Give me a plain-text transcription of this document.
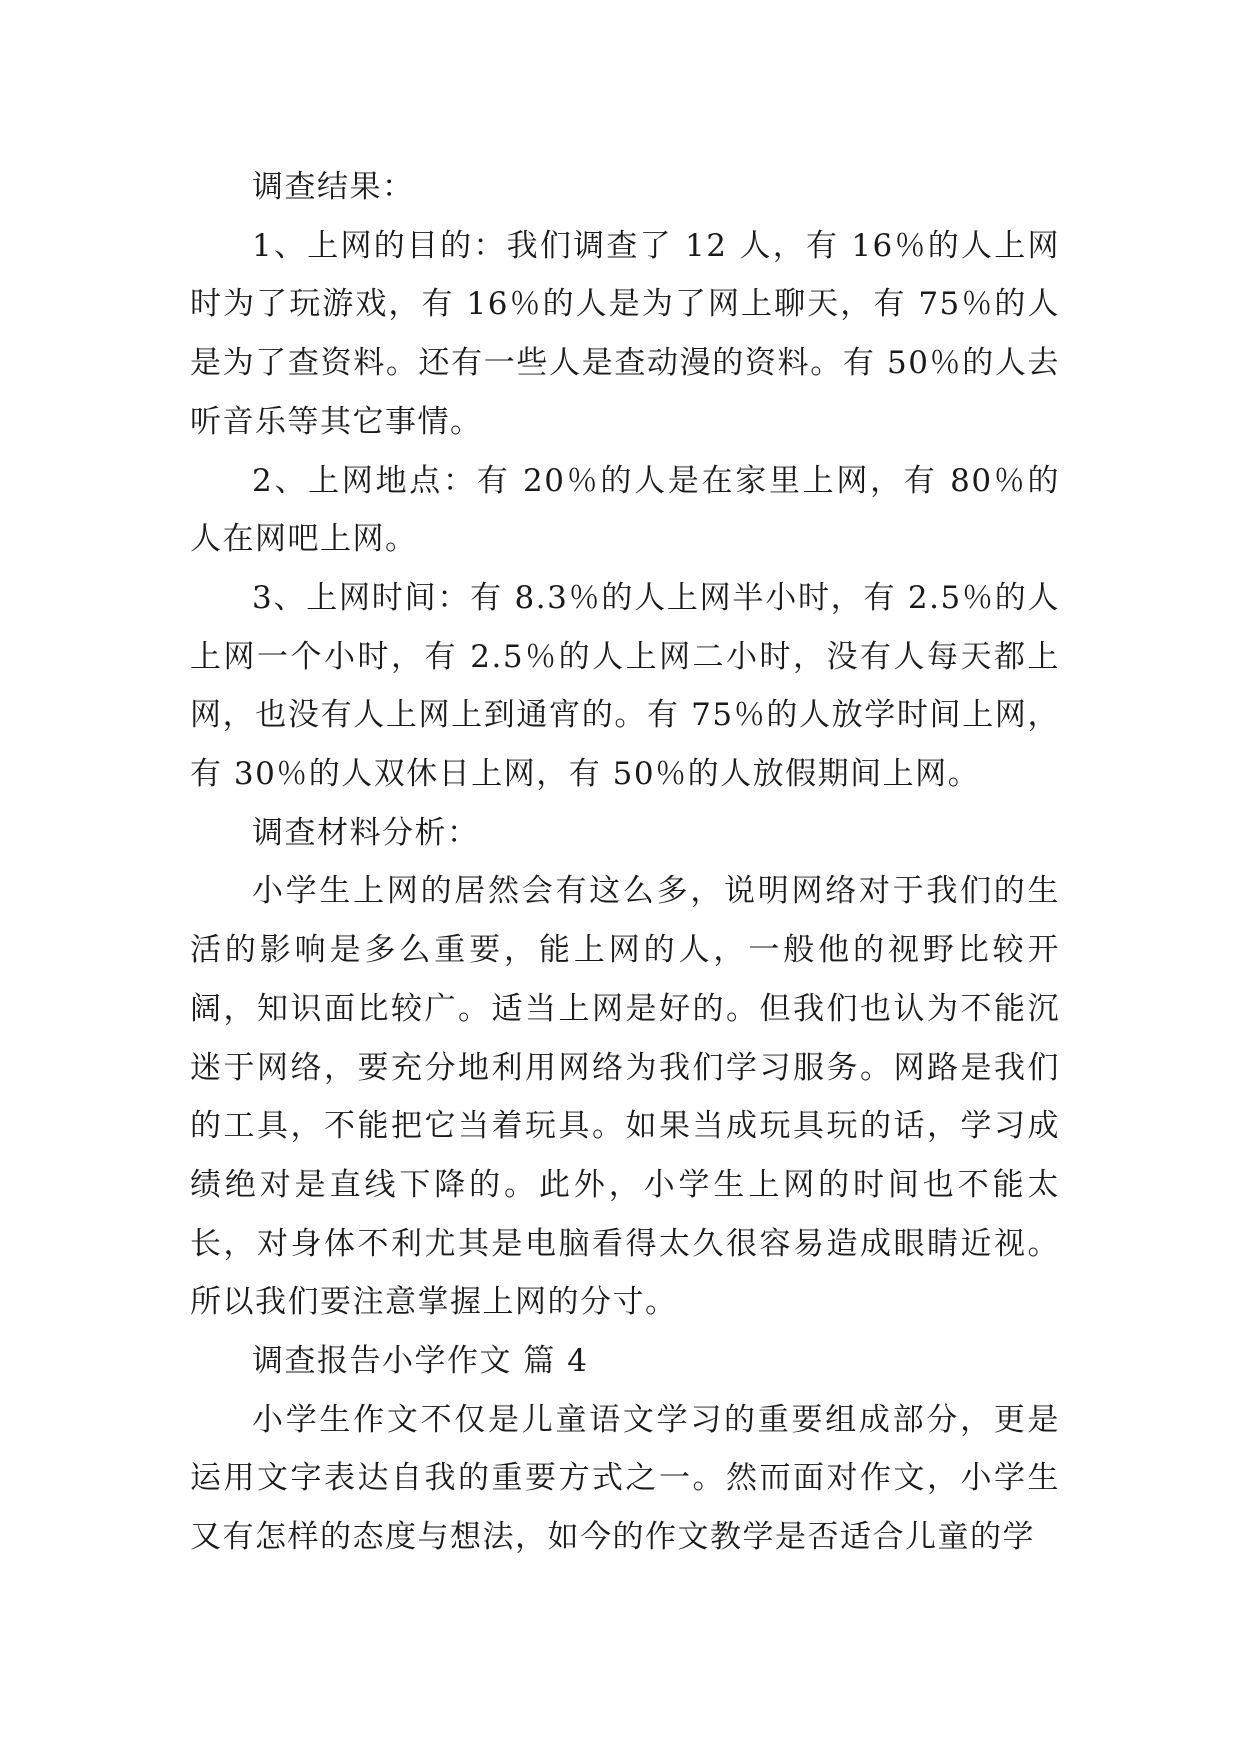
调查结果：

1、上网的目的：我们调查了 12 人，有 16％的人上网时为了玩游戏，有 16％的人是为了网上聊天，有 75％的人是为了查资料。还有一些人是查动漫的资料。有 50％的人去听音乐等其它事情。

2、上网地点：有 20％的人是在家里上网，有 80％的人在网吧上网。

3、上网时间：有 8.3％的人上网半小时，有 2.5％的人上网一个小时，有 2.5％的人上网二小时，没有人每天都上网，也没有人上网上到通宵的。有 75％的人放学时间上网，有 30％的人双休日上网，有 50％的人放假期间上网。

调查材料分析：

小学生上网的居然会有这么多，说明网络对于我们的生活的影响是多么重要，能上网的人，一般他的视野比较开阔，知识面比较广。适当上网是好的。但我们也认为不能沉迷于网络，要充分地利用网络为我们学习服务。网路是我们的工具，不能把它当着玩具。如果当成玩具玩的话，学习成绩绝对是直线下降的。此外，小学生上网的时间也不能太长，对身体不利尤其是电脑看得太久很容易造成眼睛近视。所以我们要注意掌握上网的分寸。

调查报告小学作文 篇 4

小学生作文不仅是儿童语文学习的重要组成部分，更是运用文字表达自我的重要方式之一。然而面对作文，小学生又有怎样的态度与想法，如今的作文教学是否适合儿童的学
